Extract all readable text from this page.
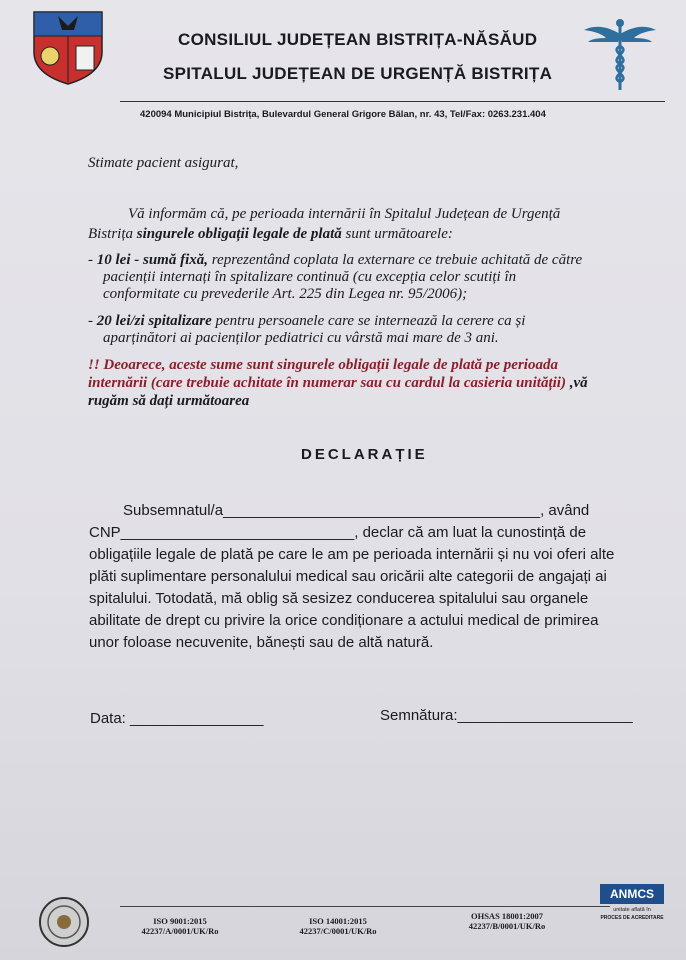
CONSILIUL JUDEȚEAN BISTRIȚA-NĂSĂUD
SPITALUL JUDEȚEAN DE URGENȚĂ BISTRIȚA
420094 Municipiul Bistrița, Bulevardul General Grigore Bălan, nr. 43, Tel/Fax: 0263.231.404
Stimate pacient asigurat,
Vă informăm că, pe perioada internării în Spitalul Județean de Urgență
Bistrița singurele obligații legale de plată sunt următoarele:
- 10 lei - sumă fixă, reprezentând coplata la externare ce trebuie achitată de către
pacienții internați în spitalizare continuă (cu excepția celor scutiți în
conformitate cu prevederile Art. 225 din Legea nr. 95/2006);
- 20 lei/zi spitalizare pentru persoanele care se internează la cerere ca și
aparținători ai pacienților pediatrici cu vârstă mai mare de 3 ani.
!! Deoarece, aceste sume sunt singurele obligații legale de plată pe perioada
internării (care trebuie achitate în numerar sau cu cardul la casieria unității) ,vă
rugăm să dați următoarea
DECLARAȚIE
Subsemnatul/a______________________________________, având
CNP____________________________, declar că am luat la cunostință de
obligațiile legale de plată pe care le am pe perioada internării și nu voi oferi alte
plăti suplimentare personalului medical sau oricării alte categorii de angajați ai
spitalului. Totodată, mă oblig să sesizez conducerea spitalului sau organele
abilitate de drept cu privire la orice condiționare a actului medical de primirea
unor foloase necuvenite, bănești sau de altă natură.
Data: ________________	Semnătura:_____________________
ISO 9001:2015
42237/A/0001/UK/Ro
ISO 14001:2015
42237/C/0001/UK/Ro
OHSAS 18001:2007
42237/B/0001/UK/Ro
ANMCS
unitate aflată în
PROCES DE ACREDITARE
